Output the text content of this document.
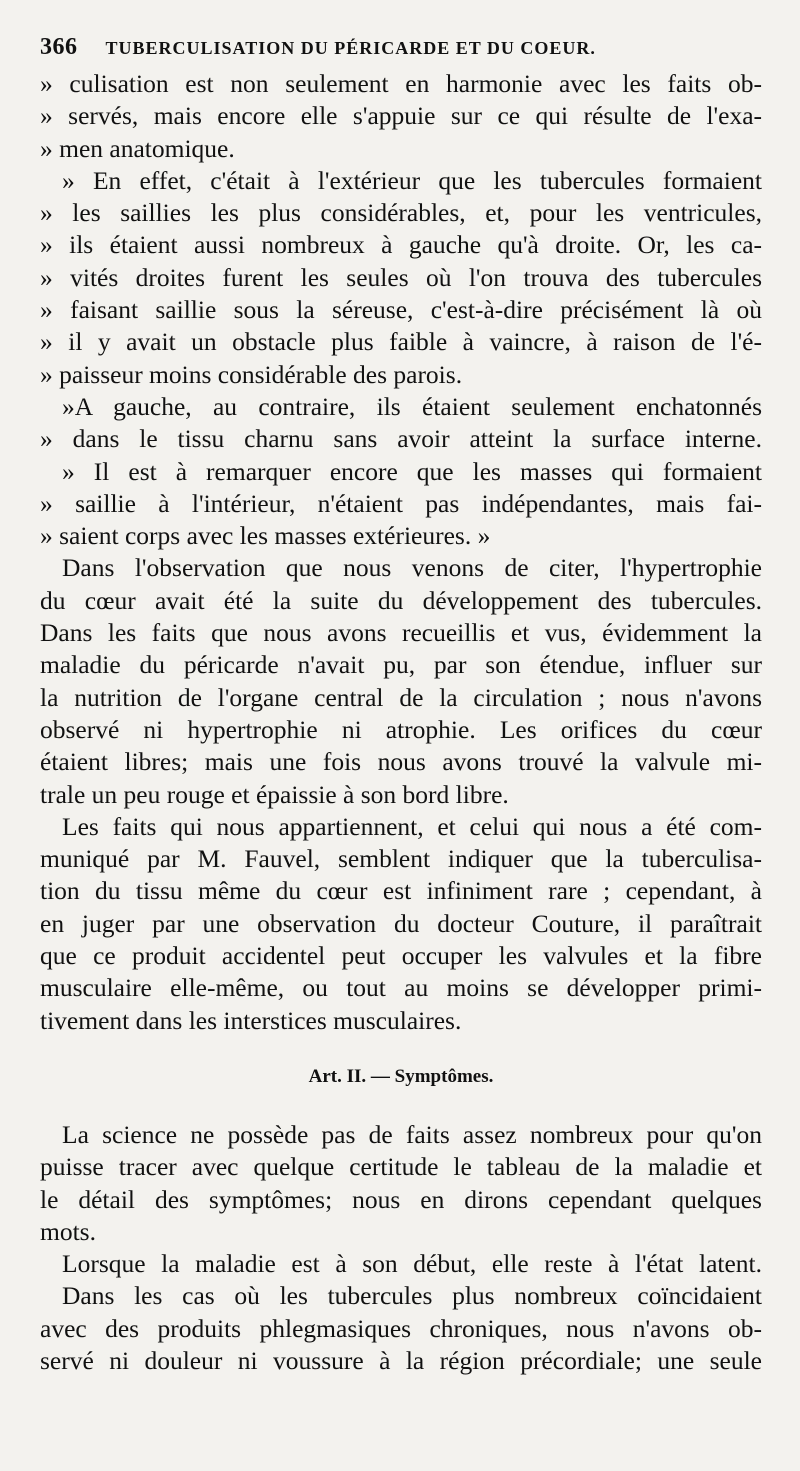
366 TUBERCULISATION DU PÉRICARDE ET DU COEUR.
» culisation est non seulement en harmonie avec les faits ob-
» servés, mais encore elle s'appuie sur ce qui résulte de l'exa-
» men anatomique.
» En effet, c'était à l'extérieur que les tubercules formaient
» les saillies les plus considérables, et, pour les ventricules,
» ils étaient aussi nombreux à gauche qu'à droite. Or, les ca-
» vités droites furent les seules où l'on trouva des tubercules
» faisant saillie sous la séreuse, c'est-à-dire précisément là où
» il y avait un obstacle plus faible à vaincre, à raison de l'é-
» paisseur moins considérable des parois.
»A gauche, au contraire, ils étaient seulement enchatonnés
» dans le tissu charnu sans avoir atteint la surface interne.
» Il est à remarquer encore que les masses qui formaient
» saillie à l'intérieur, n'étaient pas indépendantes, mais fai-
» saient corps avec les masses extérieures. »
Dans l'observation que nous venons de citer, l'hypertrophie
du cœur avait été la suite du développement des tubercules.
Dans les faits que nous avons recueillis et vus, évidemment la
maladie du péricarde n'avait pu, par son étendue, influer sur
la nutrition de l'organe central de la circulation ; nous n'avons
observé ni hypertrophie ni atrophie. Les orifices du cœur
étaient libres; mais une fois nous avons trouvé la valvule mi-
trale un peu rouge et épaissie à son bord libre.
Les faits qui nous appartiennent, et celui qui nous a été com-
muniqué par M. Fauvel, semblent indiquer que la tuberculisa-
tion du tissu même du cœur est infiniment rare ; cependant, à
en juger par une observation du docteur Couture, il paraîtrait
que ce produit accidentel peut occuper les valvules et la fibre
musculaire elle-même, ou tout au moins se développer primi-
tivement dans les interstices musculaires.
Art. II. — Symptômes.
La science ne possède pas de faits assez nombreux pour qu'on
puisse tracer avec quelque certitude le tableau de la maladie et
le détail des symptômes; nous en dirons cependant quelques
mots.
Lorsque la maladie est à son début, elle reste à l'état latent.
Dans les cas où les tubercules plus nombreux coïncidaient
avec des produits phlegmasiques chroniques, nous n'avons ob-
servé ni douleur ni voussure à la région précordiale; une seule
